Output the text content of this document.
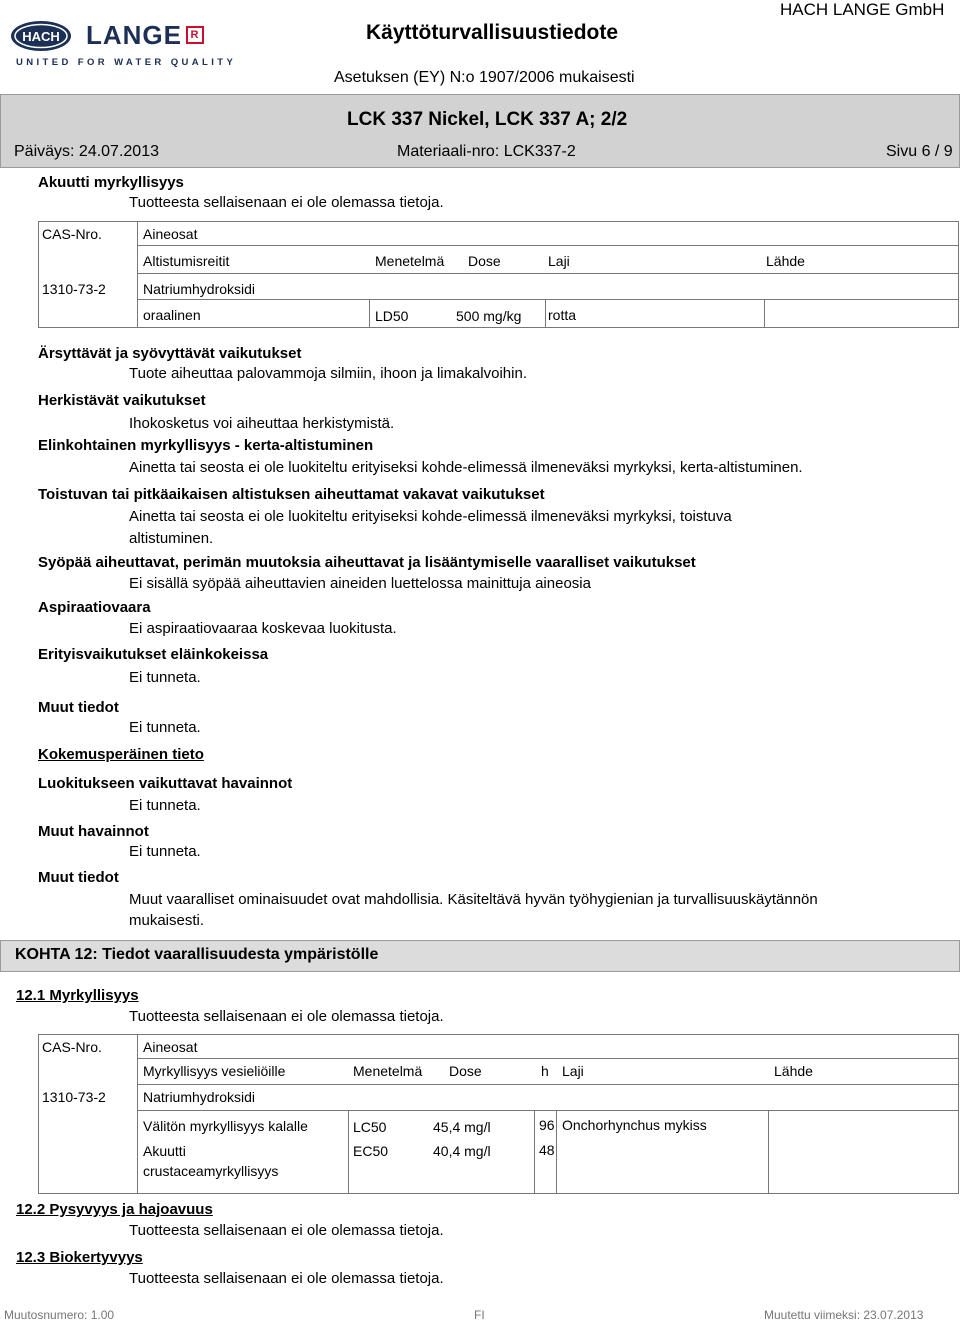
HACH LANGE R
UNITED FOR WATER QUALITY
Käyttöturvallisuustiedote
HACH LANGE GmbH
Asetuksen (EY) N:o 1907/2006 mukaisesti
LCK 337 Nickel, LCK 337 A; 2/2
Päiväys: 24.07.2013	Materiaali-nro: LCK337-2	Sivu 6 / 9
Akuutti myrkyllisyys
Tuotteesta sellaisenaan ei ole olemassa tietoja.
CAS-Nro.	Aineosat
Altistumisreitit	Menetelmä Dose	Laji	Lähde
1310-73-2	Natriumhydroksidi
oraalinen	LD50	500 mg/kg rotta
Ärsyttävät ja syövyttävät vaikutukset
Tuote aiheuttaa palovammoja silmiin, ihoon ja limakalvoihin.
Herkistävät vaikutukset
Ihokosketus voi aiheuttaa herkistymistä.
Elinkohtainen myrkyllisyys - kerta-altistuminen
Ainetta tai seosta ei ole luokiteltu erityiseksi kohde-elimessä ilmeneväksi myrkyksi, kerta-altistuminen.
Toistuvan tai pitkäaikaisen altistuksen aiheuttamat vakavat vaikutukset
Ainetta tai seosta ei ole luokiteltu erityiseksi kohde-elimessä ilmeneväksi myrkyksi, toistuva
altistuminen.
Syöpää aiheuttavat, perimän muutoksia aiheuttavat ja lisääntymiselle vaaralliset vaikutukset
Ei sisällä syöpää aiheuttavien aineiden luettelossa mainittuja aineosia
Aspiraatiovaara
Ei aspiraatiovaaraa koskevaa luokitusta.
Erityisvaikutukset eläinkokeissa
Ei tunneta.
Muut tiedot
Ei tunneta.
Kokemusperäinen tieto
Luokitukseen vaikuttavat havainnot
Ei tunneta.
Muut havainnot
Ei tunneta.
Muut tiedot
Muut vaaralliset ominaisuudet ovat mahdollisia. Käsiteltävä hyvän työhygienian ja turvallisuuskäytännön
mukaisesti.
KOHTA 12: Tiedot vaarallisuudesta ympäristölle
12.1 Myrkyllisyys
Tuotteesta sellaisenaan ei ole olemassa tietoja.
CAS-Nro.	Aineosat
Myrkyllisyys vesieliöille	Menetelmä Dose	h Laji	Lähde
1310-73-2	Natriumhydroksidi
Välitön myrkyllisyys kalalle	LC50	45,4 mg/l	96 Onchorhynchus mykiss
Akuutti
crustaceamyrkyllisyys
EC50	40,4 mg/l	48
12.2 Pysyvyys ja hajoavuus
Tuotteesta sellaisenaan ei ole olemassa tietoja.
12.3 Biokertyvyys
Tuotteesta sellaisenaan ei ole olemassa tietoja.
Muutosnumero: 1.00	FI	Muutettu viimeksi: 23.07.2013
